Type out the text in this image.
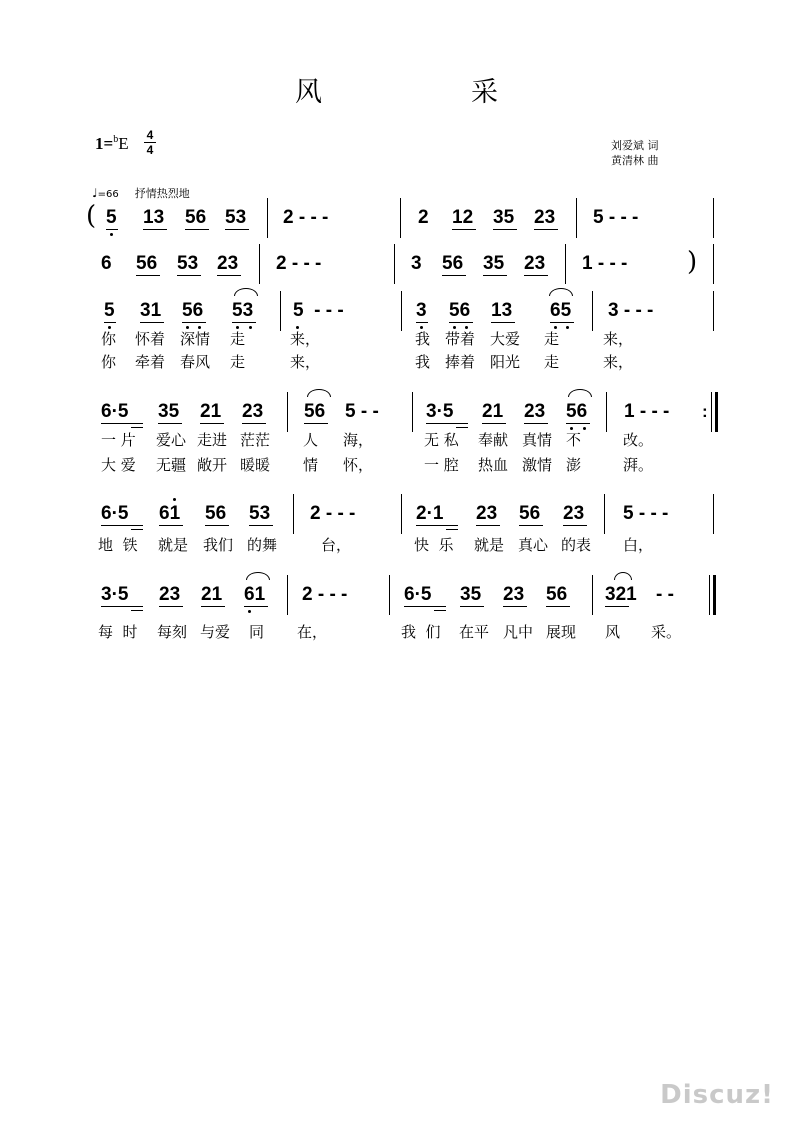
风	采
1=$^b$E 4
4	刘爱斌 词
黄清林 曲
♩=66 抒情热烈地
( 5 13 56 53 2 - - -	2 12 35 23 5 - - -
6 56 53 23 2 - - -	3 56 35 23 1 - - - )
5 31 56 53 5  - - -	3 56 13 65 3 - - -
你 怀着 深情 走	来，	我 带着 大爱 走	来，
你 牵着 春风 走	来，	我 捧着 阳光 走	来，
6·5 35 21 23 56 5 - - 3·5 21 23 56 1 - - - :
一 片 爱心 走进 茫茫 人 海，	无 私 奉献 真情 不	改。
大 爱 无疆 敞开 暖暖 情 怀，	一 腔 热血 激情 澎	湃。
6·5 61 56 53 2 - - -	2·1 23 56 23 5 - - -
地  铁 就是 我们 的舞	台，	快  乐 就是 真心 的表 白，
3·5 23 21 61 2 - - -	6·5 35 23 56 321 - -
每  时 每刻 与爱 同 在，	我  们 在平 凡中 展现 风 采。
Discuz!
